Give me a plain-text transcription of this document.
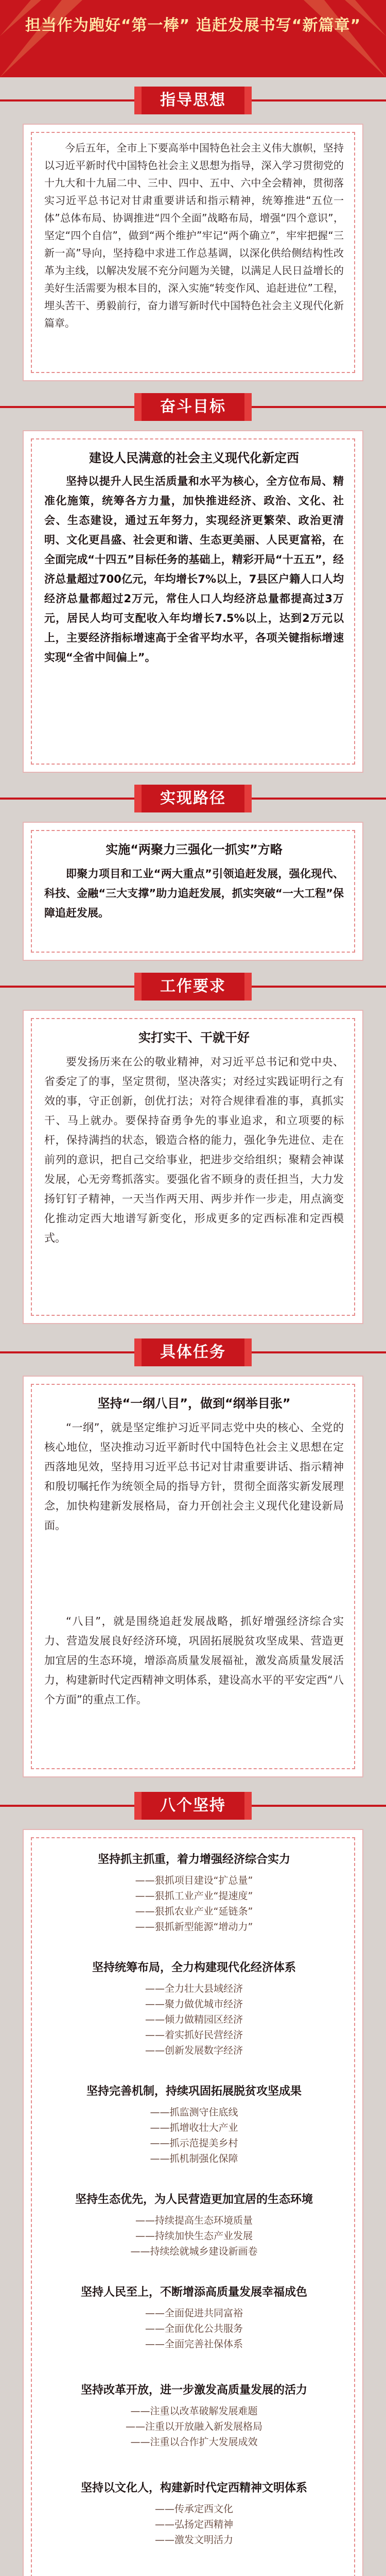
担当作为跑好“第一棒” 追赶发展书写“新篇章”
指导思想
今后五年，全市上下要高举中国特色社会主义伟大旗帜，坚持以习近平新时代中国特色社会主义思想为指导，深入学习贯彻党的十九大和十九届二中、三中、四中、五中、六中全会精神，贯彻落实习近平总书记对甘肃重要讲话和指示精神，统筹推进“五位一体”总体布局、协调推进“四个全面”战略布局，增强“四个意识”，坚定“四个自信”，做到“两个维护”牢记“两个确立”，牢牢把握“三新一高”导向，坚持稳中求进工作总基调，以深化供给侧结构性改革为主线，以解决发展不充分问题为关键，以满足人民日益增长的美好生活需要为根本目的，深入实施“转变作风、追赶进位”工程，埋头苦干、勇毅前行，奋力谱写新时代中国特色社会主义现代化新篇章。
奋斗目标
建设人民满意的社会主义现代化新定西
坚持以提升人民生活质量和水平为核心，全方位布局、精准化施策，统筹各方力量，加快推进经济、政治、文化、社会、生态建设，通过五年努力，实现经济更繁荣、政治更清明、文化更昌盛、社会更和谐、生态更美丽、人民更富裕，在全面完成“十四五”目标任务的基础上，精彩开局“十五五”，经济总量超过700亿元，年均增长7%以上，7县区户籍人口人均经济总量都超过2万元，常住人口人均经济总量都提高过3万元，居民人均可支配收入年均增长7.5%以上，达到2万元以上，主要经济指标增速高于全省平均水平，各项关键指标增速实现“全省中间偏上”。
实现路径
实施“两聚力三强化一抓实”方略
即聚力项目和工业“两大重点”引领追赶发展，强化现代、科技、金融“三大支撑”助力追赶发展，抓实突破“一大工程”保障追赶发展。
工作要求
实打实干、干就干好
要发扬历来在公的敬业精神，对习近平总书记和党中央、省委定了的事，坚定贯彻，坚决落实；对经过实践证明行之有效的事，守正创新，创优打法；对符合规律看准的事，真抓实干、马上就办。要保持奋勇争先的事业追求，和立项要的标杆，保持满挡的状态，锻造合格的能力，强化争先进位、走在前列的意识，把自己交给事业，把进步交给组织；聚精会神谋发展，心无旁骛抓落实。要强化省不顾身的责任担当，大力发扬钉钉子精神，一天当作两天用、两步并作一步走，用点滴变化推动定西大地谱写新变化，形成更多的定西标准和定西模式。
具体任务
坚持“一纲八目”，做到“纲举目张”
“一纲”，就是坚定维护习近平同志党中央的核心、全党的核心地位，坚决推动习近平新时代中国特色社会主义思想在定西落地见效，坚持用习近平总书记对甘肃重要讲话、指示精神和殷切嘱托作为统领全局的指导方针，贯彻全面落实新发展理念，加快构建新发展格局，奋力开创社会主义现代化建设新局面。
“八目”，就是围绕追赶发展战略，抓好增强经济综合实力、营造发展良好经济环境，巩固拓展脱贫攻坚成果、营造更加宜居的生态环境，增添高质量发展福祉，激发高质量发展活力，构建新时代定西精神文明体系，建设高水平的平安定西“八个方面”的重点工作。
八个坚持
坚持抓主抓重，着力增强经济综合实力
——狠抓项目建设“扩总量”
——狠抓工业产业“提速度”
——狠抓农业产业“延链条”
——狠抓新型能源“增动力”
坚持统筹布局，全力构建现代化经济体系
——全力壮大县域经济
——聚力做优城市经济
——倾力做精园区经济
——着实抓好民营经济
——创新发展数字经济
坚持完善机制，持续巩固拓展脱贫攻坚成果
——抓监测守住底线
——抓增收壮大产业
——抓示范提美乡村
——抓机制强化保障
坚持生态优先，为人民营造更加宜居的生态环境
——持续提高生态环境质量
——持续加快生态产业发展
——持续绘就城乡建设新画卷
坚持人民至上，不断增添高质量发展幸福成色
——全面促进共同富裕
——全面优化公共服务
——全面完善社保体系
坚持改革开放，进一步激发高质量发展的活力
——注重以改革破解发展难题
——注重以开放融入新发展格局
——注重以合作扩大发展成效
坚持以文化人，构建新时代定西精神文明体系
——传承定西文化
——弘扬定西精神
——激发文明活力
